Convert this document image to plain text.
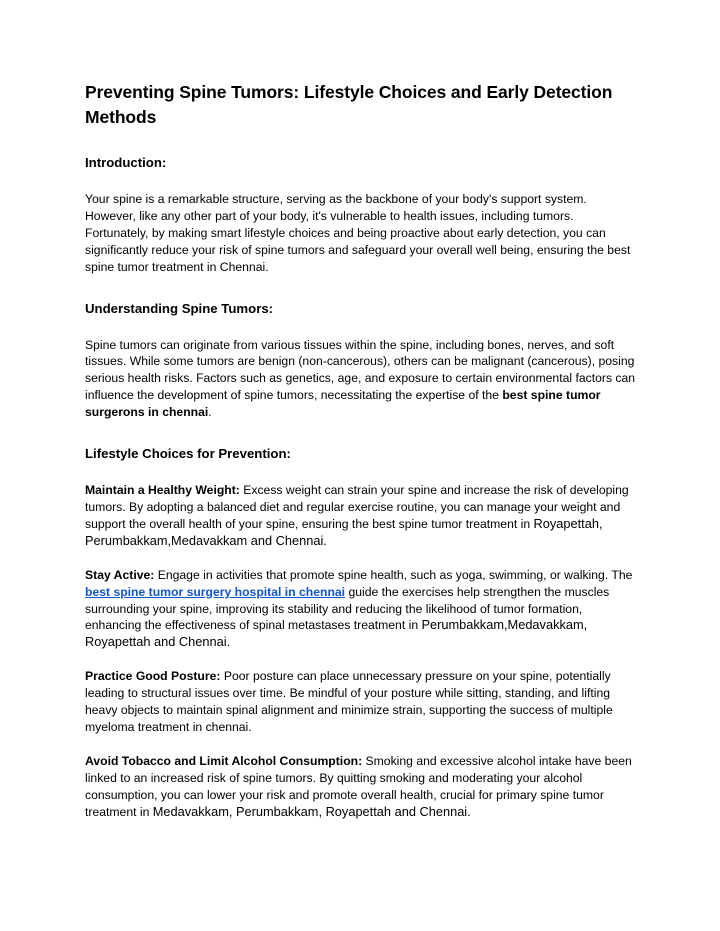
Preventing Spine Tumors: Lifestyle Choices and Early Detection Methods
Introduction:

Your spine is a remarkable structure, serving as the backbone of your body's support system. However, like any other part of your body, it's vulnerable to health issues, including tumors. Fortunately, by making smart lifestyle choices and being proactive about early detection, you can significantly reduce your risk of spine tumors and safeguard your overall well being, ensuring the best spine tumor treatment in Chennai.

Understanding Spine Tumors:

Spine tumors can originate from various tissues within the spine, including bones, nerves, and soft tissues. While some tumors are benign (non-cancerous), others can be malignant (cancerous), posing serious health risks. Factors such as genetics, age, and exposure to certain environmental factors can influence the development of spine tumors, necessitating the expertise of the best spine tumor surgerons in chennai.

Lifestyle Choices for Prevention:

Maintain a Healthy Weight: Excess weight can strain your spine and increase the risk of developing tumors. By adopting a balanced diet and regular exercise routine, you can manage your weight and support the overall health of your spine, ensuring the best spine tumor treatment in Royapettah, Perumbakkam,Medavakkam and Chennai.

Stay Active: Engage in activities that promote spine health, such as yoga, swimming, or walking. The best spine tumor surgery hospital in chennai guide the exercises help strengthen the muscles surrounding your spine, improving its stability and reducing the likelihood of tumor formation, enhancing the effectiveness of spinal metastases treatment in Perumbakkam,Medavakkam, Royapettah and Chennai.

Practice Good Posture: Poor posture can place unnecessary pressure on your spine, potentially leading to structural issues over time. Be mindful of your posture while sitting, standing, and lifting heavy objects to maintain spinal alignment and minimize strain, supporting the success of multiple myeloma treatment in chennai.

Avoid Tobacco and Limit Alcohol Consumption: Smoking and excessive alcohol intake have been linked to an increased risk of spine tumors. By quitting smoking and moderating your alcohol consumption, you can lower your risk and promote overall health, crucial for primary spine tumor treatment in Medavakkam, Perumbakkam, Royapettah and Chennai.
